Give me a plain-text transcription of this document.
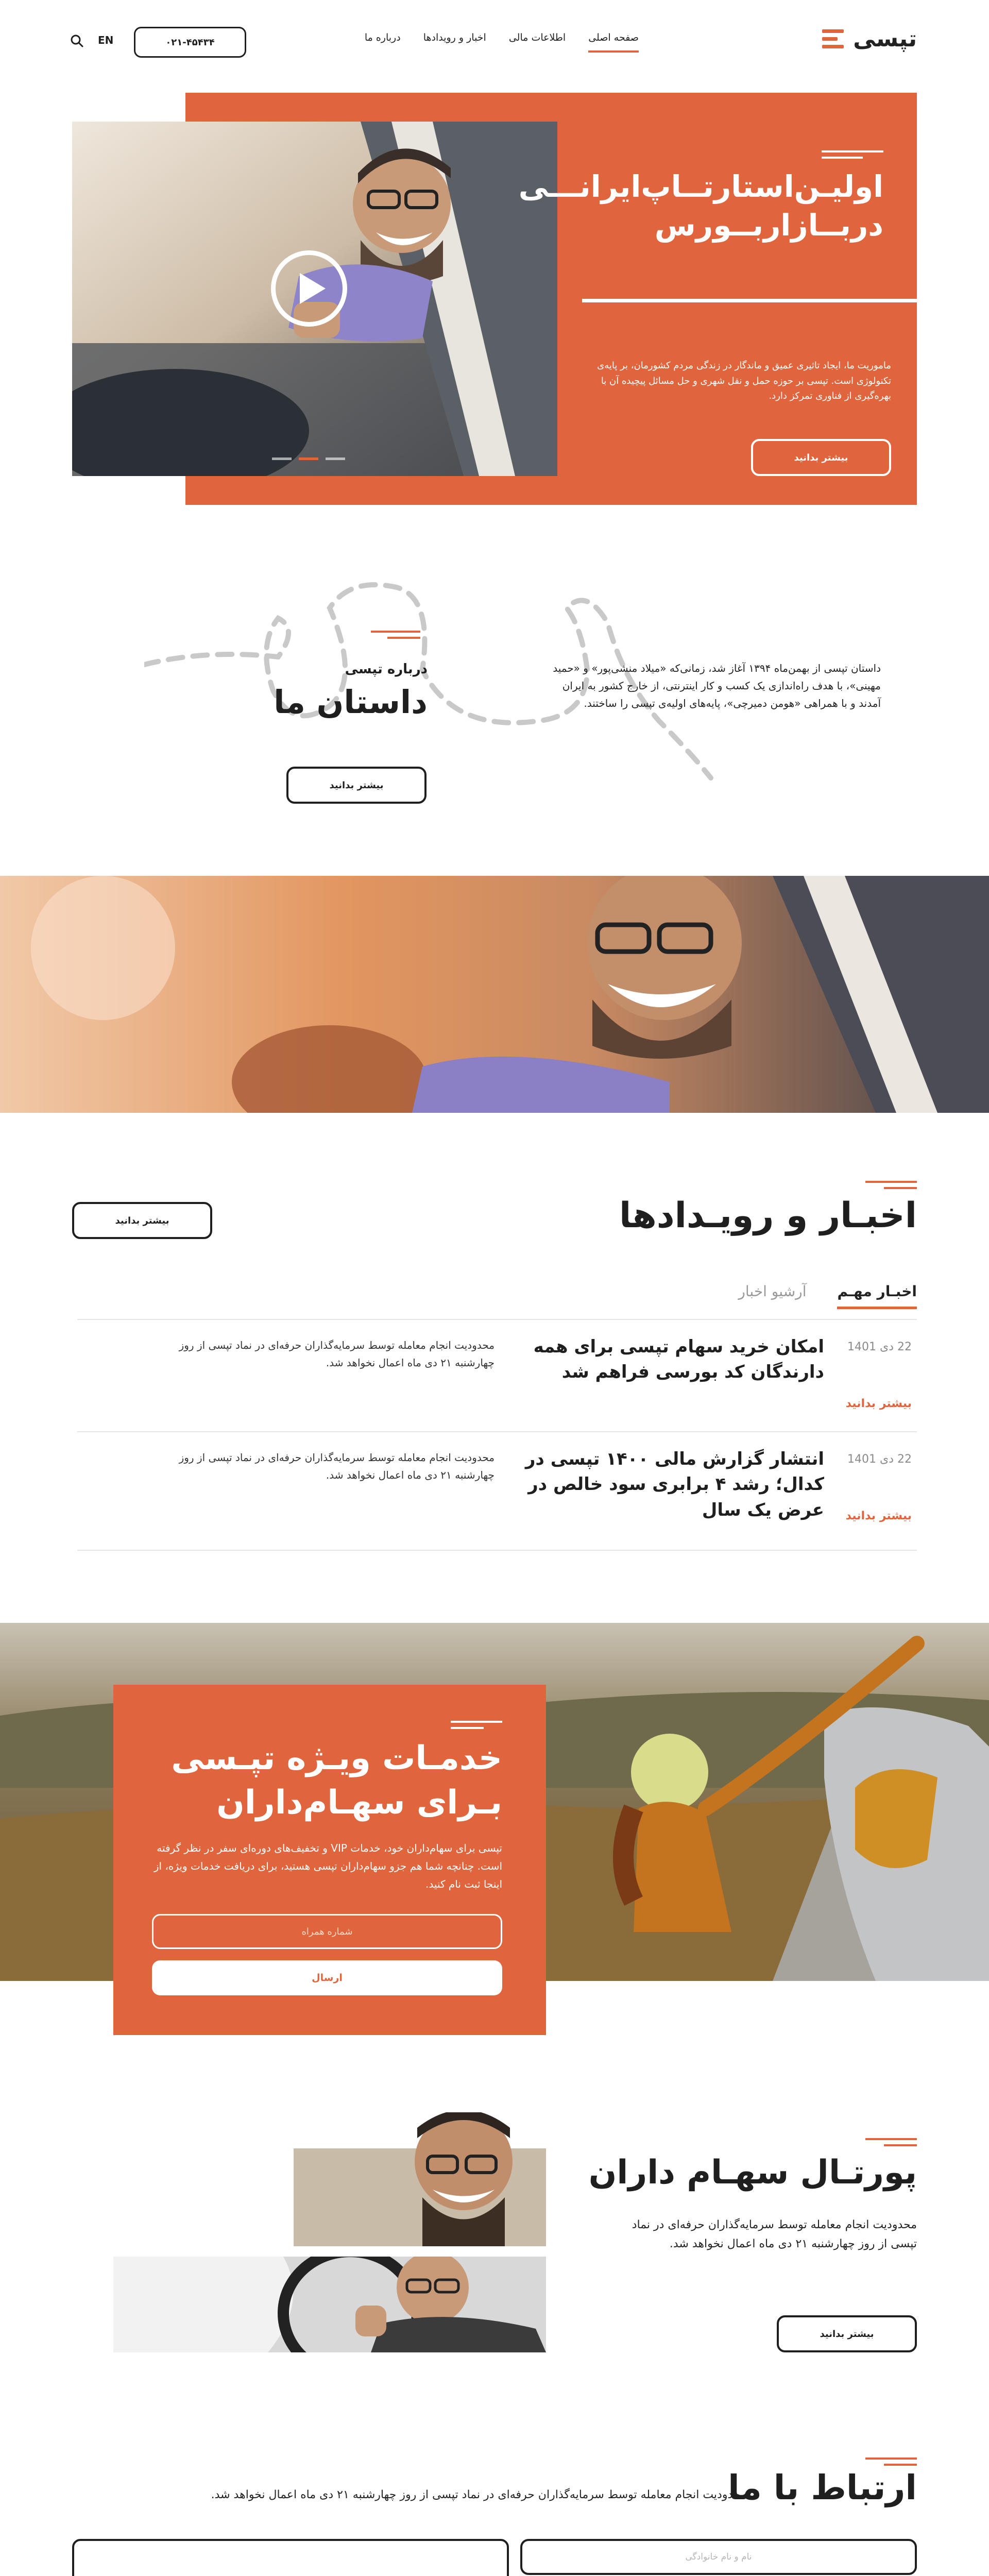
تپسی
صفحه اصلی
اطلاعات مالی
اخبار و رویدادها
درباره ما
۰۲۱-۴۵۴۳۴
EN
اولیـن‌استارتــاپ‌ایرانـــی
دربــازاربــورس

ماموریت ما، ایجاد تاثیری عمیق و ماندگار در زندگی مردم کشورمان، بر پایه‌ی تکنولوژی است. تپسی بر حوزه حمل و نقل شهری و حل مسائل پیچیده آن با بهره‌گیری از فناوری تمرکز دارد.

بیشتر بدانید
درباره تپسی
داستان ما

داستان تپسی از بهمن‌ماه ۱۳۹۴ آغاز شد، زمانی‌که «میلاد منشی‌پور» و «حمید مهینی»، با هدف راه‌اندازی یک کسب و کار اینترنتی، از خارج کشور به ایران آمدند و با همراهی «هومن دمیرچی»، پایه‌های اولیه‌ی تپسی را ساختند.

بیشتر بدانید
اخبـار و رویـدادها
بیشتر بدانید
اخبـار مهـم
آرشیو اخبار
22 دی 1401
امکان خرید سهام تپسی برای همه دارندگان کد بورسی فراهم شد
بیشتر بدانید
محدودیت انجام معامله توسط سرمایه‌گذاران حرفه‌ای در نماد تپسی از روز چهارشنبه ۲۱ دی ماه اعمال نخواهد شد.
22 دی 1401
انتشار گزارش مالی ۱۴۰۰ تپسی در کدال؛ رشد ۴ برابری سود خالص در عرض یک سال بیشتر بدانید
محدودیت انجام معامله توسط سرمایه‌گذاران حرفه‌ای در نماد تپسی از روز چهارشنبه ۲۱ دی ماه اعمال نخواهد شد.
خدمـات ویـژه تپـسی
بـرای سهـام‌داران

تپسی برای سهام‌داران خود، خدمات VIP و تخفیف‌های دوره‌ای سفر در نظر گرفته است. چنانچه شما هم جزو سهام‌داران تپسی هستید، برای دریافت خدمات ویژه، از اینجا ثبت نام کنید.

شماره همراه
ارسال
پورتـال سهـام داران

محدودیت انجام معامله توسط سرمایه‌گذاران حرفه‌ای در نماد تپسی از روز چهارشنبه ۲۱ دی ماه اعمال نخواهد شد.

بیشتر بدانید
ارتباط با ما

محدودیت انجام معامله توسط سرمایه‌گذاران حرفه‌ای در نماد تپسی از روز چهارشنبه ۲۱ دی ماه اعمال نخواهد شد.

نام و نام خانوادگی
